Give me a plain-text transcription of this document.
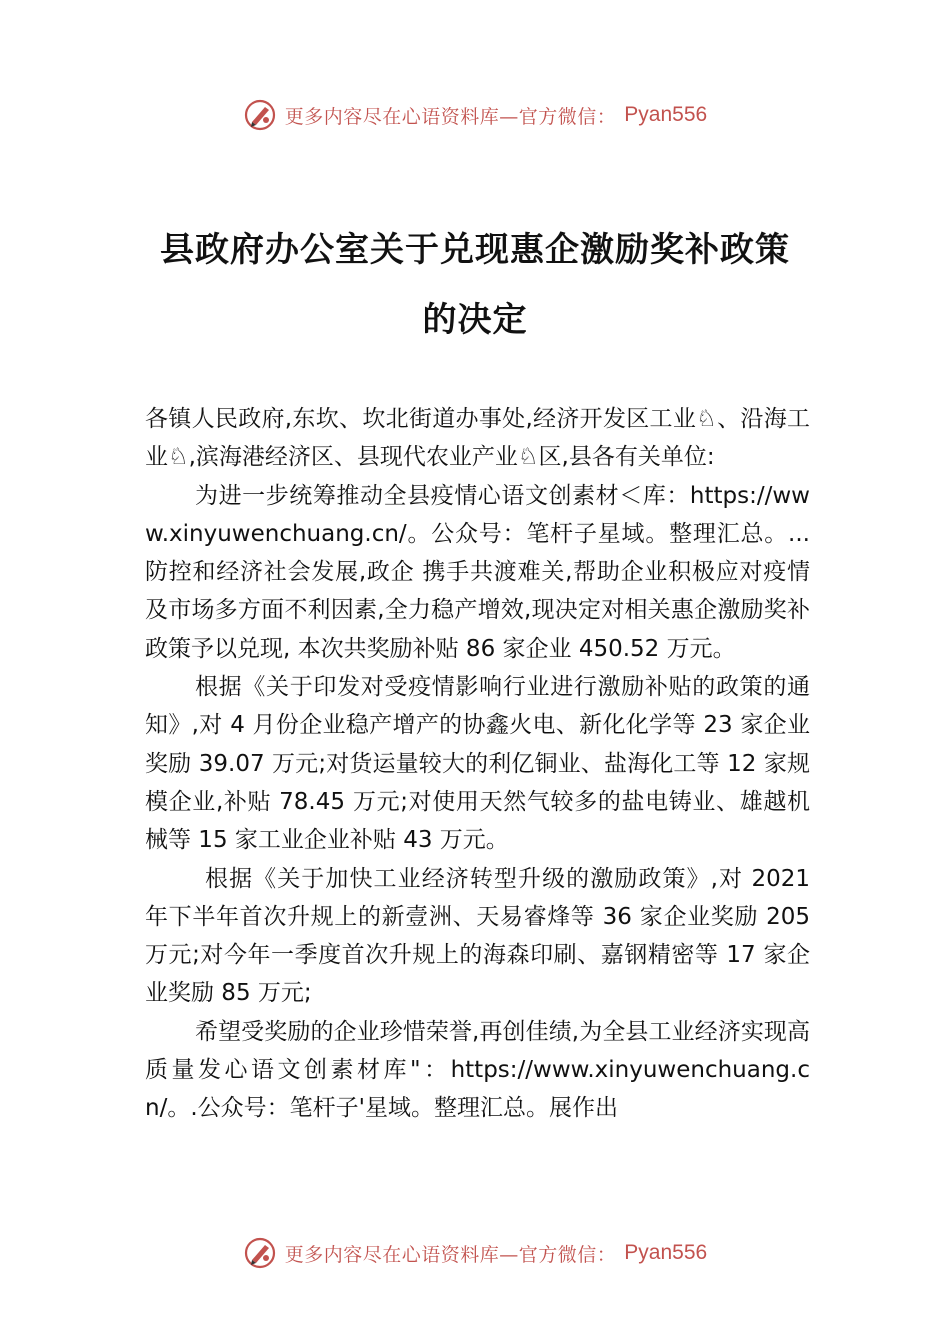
更多内容尽在心语资料库—官方微信： Pyan556
县政府办公室关于兑现惠企激励奖补政策
的决定

各镇人民政府,东坎、坎北街道办事处,经济开发区工业♘、沿海工业♘,滨海港经济区、县现代农业产业♘区,县各有关单位:

为进一步统筹推动全县疫情心语文创素材＜库：https://www.xinyuwenchuang.cn/。公众号：笔杆子星域。整理汇总。...防控和经济社会发展,政企 携手共渡难关,帮助企业积极应对疫情及市场多方面不利因素,全力稳产增效,现决定对相关惠企激励奖补政策予以兑现, 本次共奖励补贴 86 家企业 450.52 万元。

根据《关于印发对受疫情影响行业进行激励补贴的政策的通知》,对 4 月份企业稳产增产的协鑫火电、新化化学等 23 家企业奖励 39.07 万元;对货运量较大的利亿铜业、盐海化工等 12 家规模企业,补贴 78.45 万元;对使用天然气较多的盐电铸业、雄越机械等 15 家工业企业补贴 43 万元。

根据《关于加快工业经济转型升级的激励政策》,对 2021 年下半年首次升规上的新壹洲、天易睿烽等 36 家企业奖励 205 万元;对今年一季度首次升规上的海森印刷、嘉钢精密等 17 家企业奖励 85 万元;

希望受奖励的企业珍惜荣誉,再创佳绩,为全县工业经济实现高质量发心语文创素材库"：https://www.xinyuwenchuang.cn/。.公众号：笔杆子'星域。整理汇总。展作出

更多内容尽在心语资料库—官方微信： Pyan556
